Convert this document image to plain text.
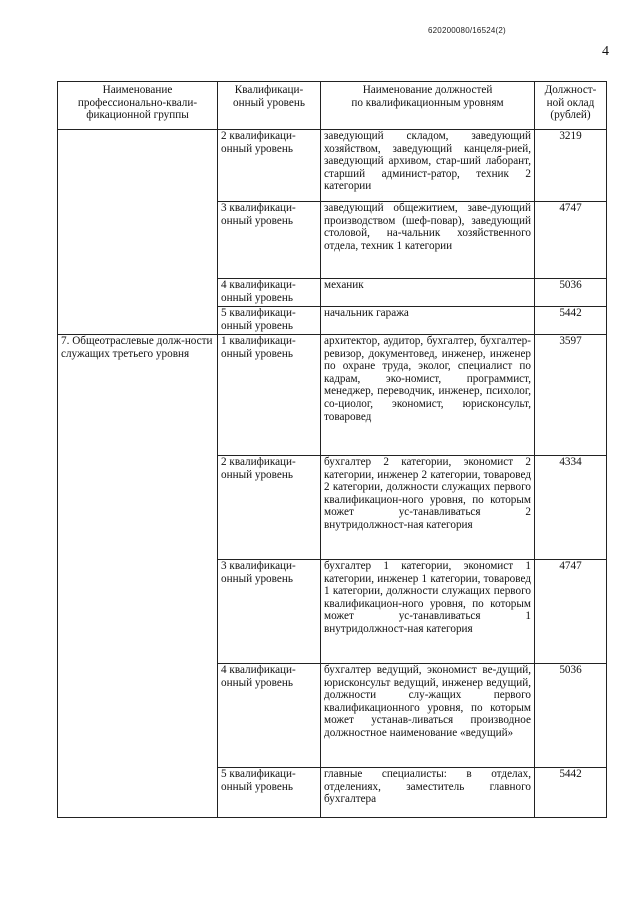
620200080/16524(2)
4
Наименование
профессионально-квали-
фикационной группы	Квалификаци-
онный уровень	Наименование должностей
по квалификационным уровням	Должност-
ной оклад
(рублей)

	2 квалификаци-
онный уровень	заведующий складом, заведующий хозяйством, заведующий канцеля-рией, заведующий архивом, стар-ший лаборант, старший админист-ратор, техник 2 категории	3219

	3 квалификаци-
онный уровень	заведующий общежитием, заве-дующий производством (шеф-повар), заведующий столовой, на-чальник хозяйственного отдела, техник 1 категории	4747

	4 квалификаци-
онный уровень	механик	5036

	5 квалификаци-
онный уровень	начальник гаража	5442
7. Общеотраслевые долж-ности служащих третьего уровня	1 квалификаци-
онный уровень	архитектор, аудитор, бухгалтер, бухгалтер-ревизор, документовед, инженер, инженер по охране труда, эколог, специалист по кадрам, эко-номист, программист, менеджер, переводчик, инженер, психолог, со-циолог, экономист, юрисконсульт, товаровед	3597

	2 квалификаци-
онный уровень	бухгалтер 2 категории, экономист 2 категории, инженер 2 категории, товаровед 2 категории, должности служащих первого квалификацион-ного уровня, по которым может ус-танавливаться 2 внутридолжност-ная категория	4334

	3 квалификаци-
онный уровень	бухгалтер 1 категории, экономист 1 категории, инженер 1 категории, товаровед 1 категории, должности служащих первого квалификацион-ного уровня, по которым может ус-танавливаться 1 внутридолжност-ная категория	4747

	4 квалификаци-
онный уровень	бухгалтер ведущий, экономист ве-дущий, юрисконсульт ведущий, инженер ведущий, должности слу-жащих первого квалификационного уровня, по которым может устанав-ливаться производное должностное наименование «ведущий»	5036

	5 квалификаци-
онный уровень	главные специалисты: в отделах, отделениях, заместитель главного бухгалтера	5442
